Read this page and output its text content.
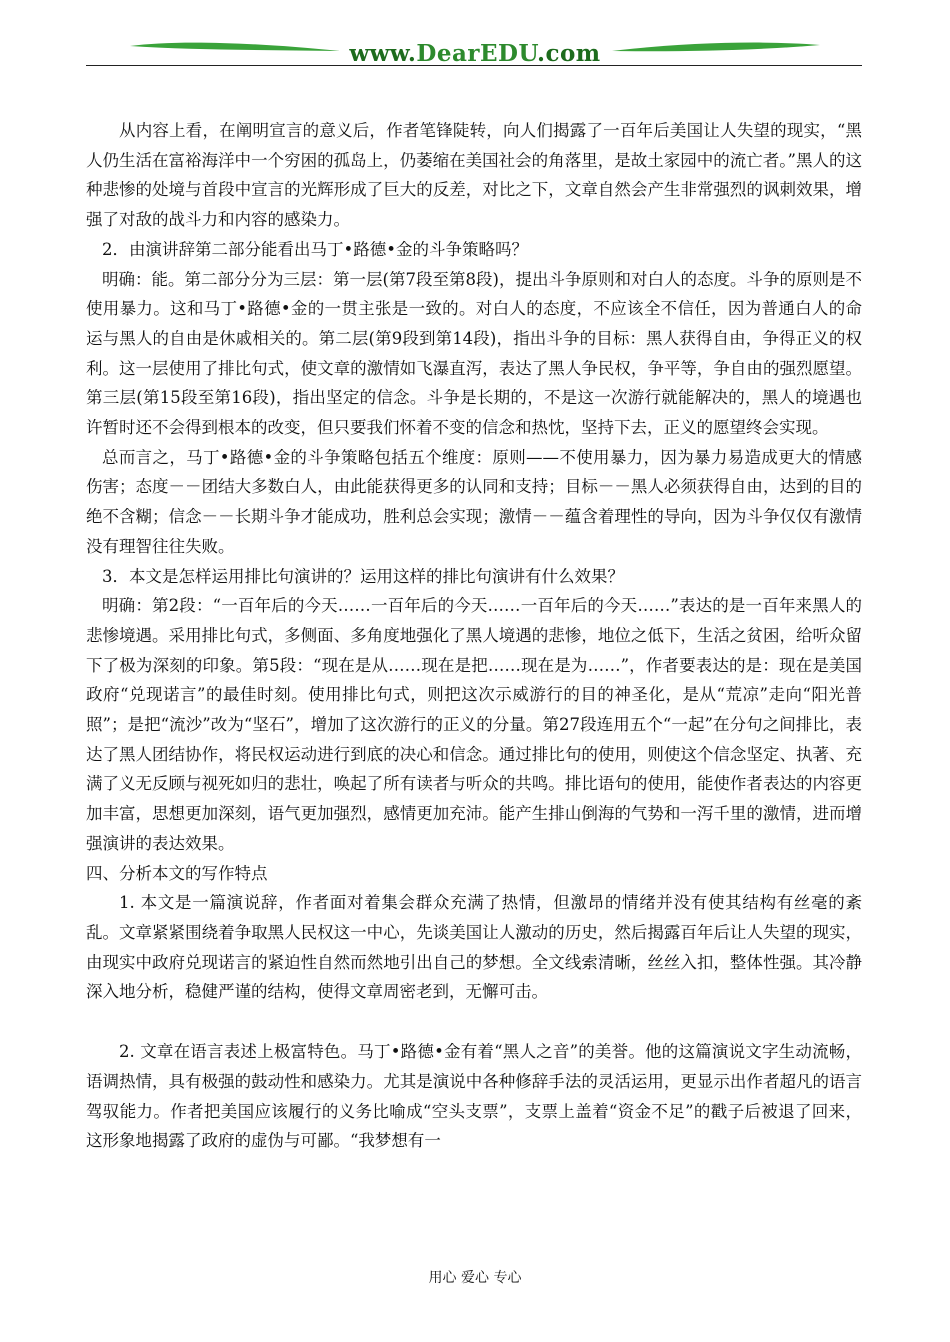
www.DearEDU.com

从内容上看，在阐明宣言的意义后，作者笔锋陡转，向人们揭露了一百年后美国让人失望的现实，“黑人仍生活在富裕海洋中一个穷困的孤岛上，仍萎缩在美国社会的角落里，是故土家园中的流亡者。”黑人的这种悲惨的处境与首段中宣言的光辉形成了巨大的反差，对比之下，文章自然会产生非常强烈的讽刺效果，增强了对敌的战斗力和内容的感染力。

2．由演讲辞第二部分能看出马丁•路德•金的斗争策略吗？

明确：能。第二部分分为三层：第一层(第7段至第8段)，提出斗争原则和对白人的态度。斗争的原则是不使用暴力。这和马丁•路德•金的一贯主张是一致的。对白人的态度，不应该全不信任，因为普通白人的命运与黑人的自由是休戚相关的。第二层(第9段到第14段)，指出斗争的目标：黑人获得自由，争得正义的权利。这一层使用了排比句式，使文章的激情如飞瀑直泻，表达了黑人争民权，争平等，争自由的强烈愿望。第三层(第15段至第16段)，指出坚定的信念。斗争是长期的，不是这一次游行就能解决的，黑人的境遇也许暂时还不会得到根本的改变，但只要我们怀着不变的信念和热忱，坚持下去，正义的愿望终会实现。

总而言之，马丁•路德•金的斗争策略包括五个维度：原则——不使用暴力，因为暴力易造成更大的情感伤害；态度－－团结大多数白人，由此能获得更多的认同和支持；目标－－黑人必须获得自由，达到的目的绝不含糊；信念－－长期斗争才能成功，胜利总会实现；激情－－蕴含着理性的导向，因为斗争仅仅有激情没有理智往往失败。

3．本文是怎样运用排比句演讲的？运用这样的排比句演讲有什么效果？

明确：第2段：“一百年后的今天……一百年后的今天……一百年后的今天……”表达的是一百年来黑人的悲惨境遇。采用排比句式，多侧面、多角度地强化了黑人境遇的悲惨，地位之低下，生活之贫困，给听众留下了极为深刻的印象。第5段：“现在是从……现在是把……现在是为……”，作者要表达的是：现在是美国政府“兑现诺言”的最佳时刻。使用排比句式，则把这次示威游行的目的神圣化，是从“荒凉”走向“阳光普照”；是把“流沙”改为“坚石”，增加了这次游行的正义的分量。第27段连用五个“一起”在分句之间排比，表达了黑人团结协作，将民权运动进行到底的决心和信念。通过排比句的使用，则使这个信念坚定、执著、充满了义无反顾与视死如归的悲壮，唤起了所有读者与听众的共鸣。排比语句的使用，能使作者表达的内容更加丰富，思想更加深刻，语气更加强烈，感情更加充沛。能产生排山倒海的气势和一泻千里的激情，进而增强演讲的表达效果。

四、分析本文的写作特点

1. 本文是一篇演说辞，作者面对着集会群众充满了热情，但激昂的情绪并没有使其结构有丝毫的紊乱。文章紧紧围绕着争取黑人民权这一中心，先谈美国让人激动的历史，然后揭露百年后让人失望的现实，由现实中政府兑现诺言的紧迫性自然而然地引出自己的梦想。全文线索清晰，丝丝入扣，整体性强。其冷静深入地分析，稳健严谨的结构，使得文章周密老到，无懈可击。

2. 文章在语言表述上极富特色。马丁•路德•金有着“黑人之音”的美誉。他的这篇演说文字生动流畅，语调热情，具有极强的鼓动性和感染力。尤其是演说中各种修辞手法的灵活运用，更显示出作者超凡的语言驾驭能力。作者把美国应该履行的义务比喻成“空头支票”，支票上盖着“资金不足”的戳子后被退了回来，这形象地揭露了政府的虚伪与可鄙。“我梦想有一

用心 爱心 专心
